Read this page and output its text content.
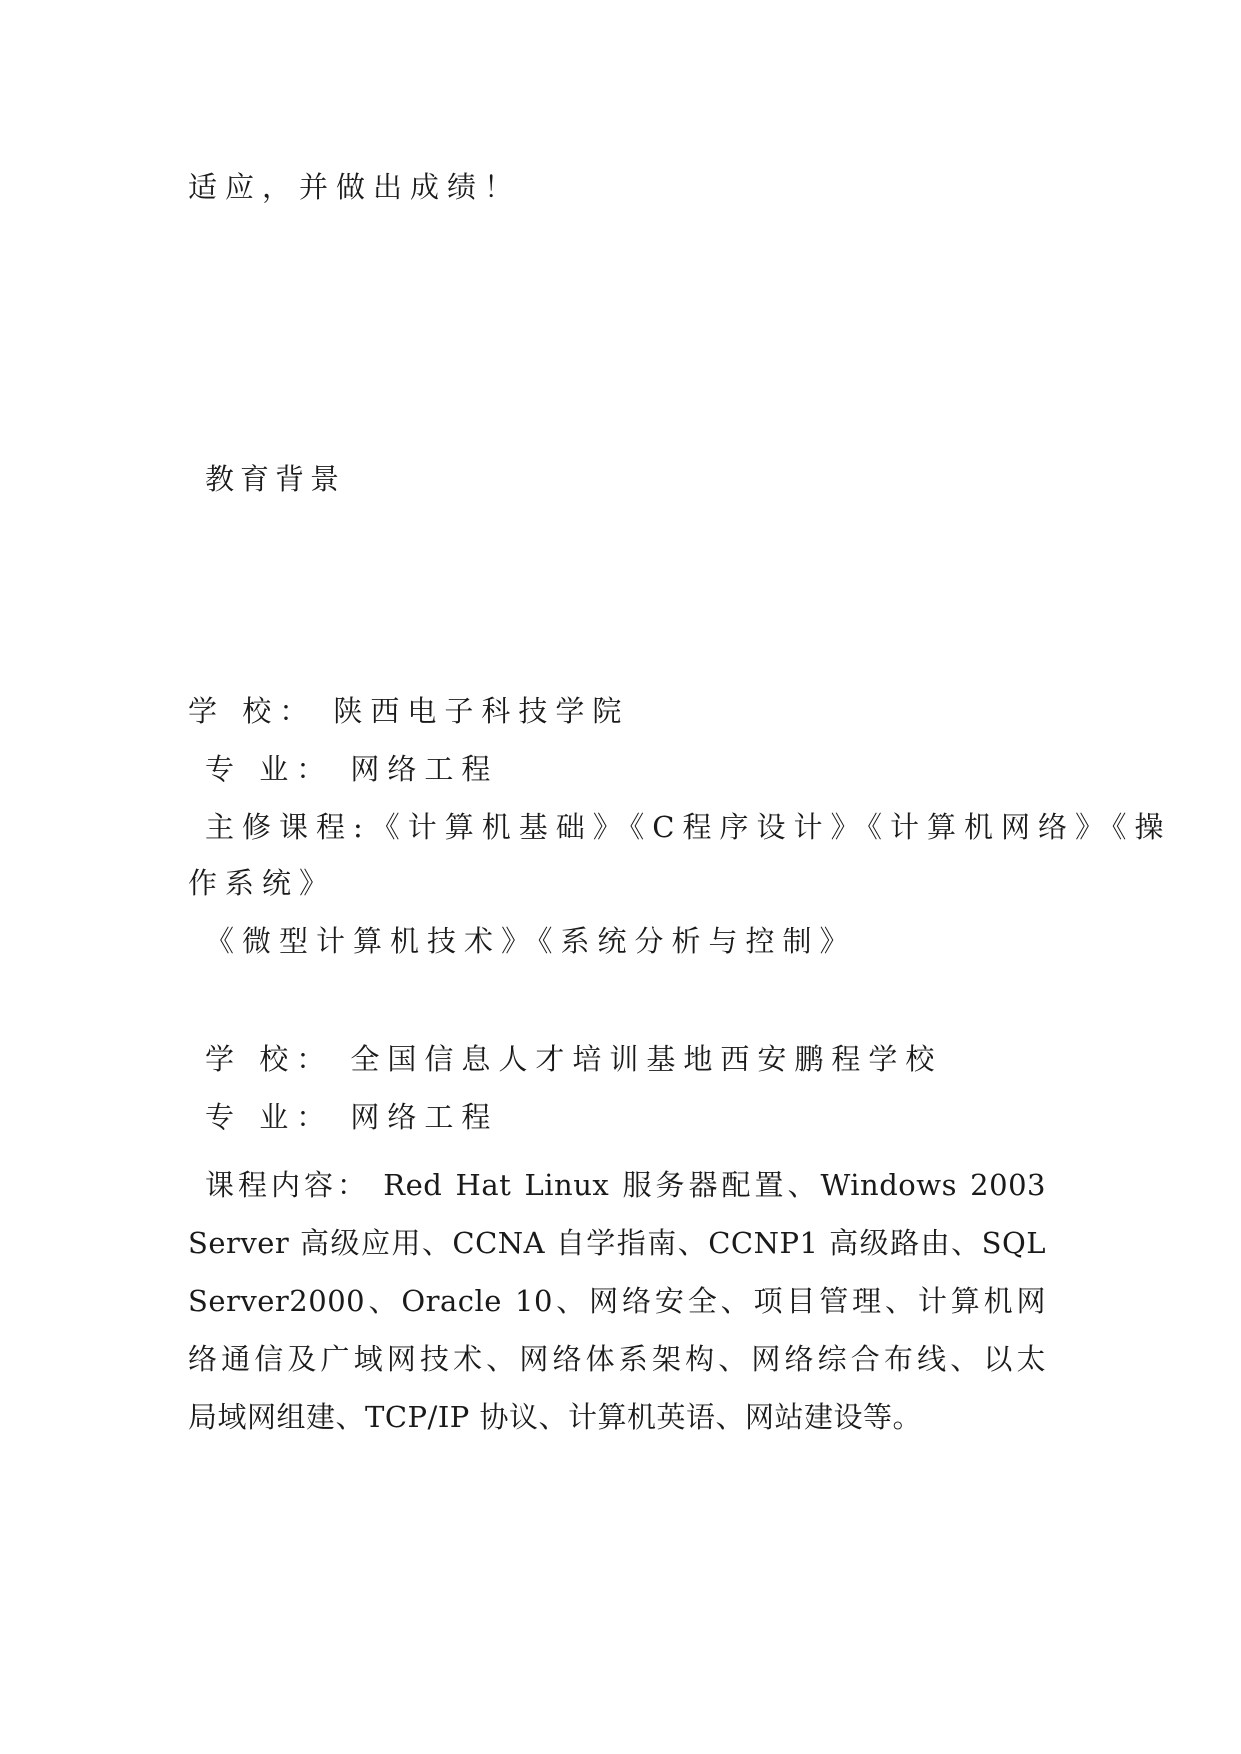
适应，并做出成绩！
教育背景
学 校： 陕西电子科技学院
专 业： 网络工程
主修课程:《计算机基础》《C程序设计》《计算机网络》《操
作系统》
《微型计算机技术》《系统分析与控制》
学 校： 全国信息人才培训基地西安鹏程学校
专 业： 网络工程
课程内容： Red Hat Linux 服务器配置、Windows 2003
Server 高级应用、CCNA 自学指南、CCNP1 高级路由、SQL
Server2000、Oracle 10、网络安全、项目管理、计算机网
络通信及广域网技术、网络体系架构、网络综合布线、以太
局域网组建、TCP/IP 协议、计算机英语、网站建设等。
